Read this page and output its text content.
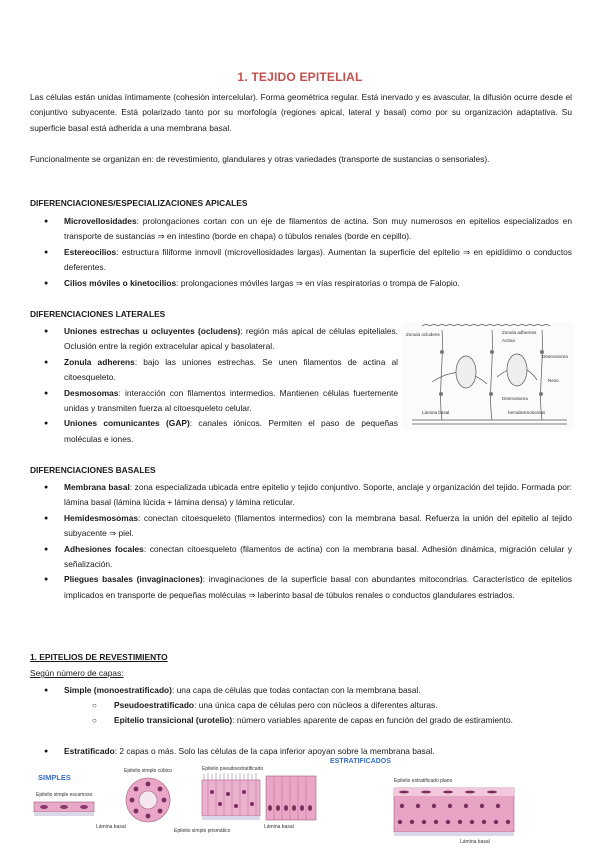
1. TEJIDO EPITELIAL
Las células están unidas íntimamente (cohesión intercelular). Forma geométrica regular. Está inervado y es avascular, la difusión ocurre desde el conjuntivo subyacente. Está polarizado tanto por su morfología (regiones apical, lateral y basal) como por su organización adaptativa. Su superficie basal está adherida a una membrana basal.
Funcionalmente se organizan en: de revestimiento, glandulares y otras variedades (transporte de sustancias o sensoriales).
DIFERENCIACIONES/ESPECIALIZACIONES APICALES
● Microvellosidades: prolongaciones cortan con un eje de filamentos de actina. Son muy numerosos en epitelios especializados en transporte de sustancias ⇒ en intestino (borde en chapa) o túbulos renales (borde en cepillo).
● Estereocilios: estructura filiforme inmovil (microvellosidades largas). Aumentan la superficie del epitelio ⇒ en epidídimo o conductos deferentes.
● Cilios móviles o kinetocilios: prolongaciones móviles largas ⇒ en vías respiratorias o trompa de Falopio.
DIFERENCIACIONES LATERALES
● Uniones estrechas u ocluyentes (ocludens): región más apical de células epiteliales. Oclusión entre la región extracelular apical y basolateral.
● Zonula adherens: bajo las uniones estrechas. Se unen filamentos de actina al citoesqueleto.
● Desmosomas: interacción con filamentos intermedios. Mantienen células fuertemente unidas y transmiten fuerza al citoesqueleto celular.
● Uniones comunicantes (GAP): canales iónicos. Permiten el paso de pequeñas moléculas e iones.
Zonula ocludens	Zonula adherens
Actina
Desmosoma
Nexo
Desmosoma
hemidesmosomas
Lámina basal
DIFERENCIACIONES BASALES
● Membrana basal: zona especializada ubicada entre epitelio y tejido conjuntivo. Soporte, anclaje y organización del tejido. Formada por: lámina basal (lámina lúcida + lámina densa) y lámina reticular.
● Hemidesmosomas: conectan citoesqueleto (filamentos intermedios) con la membrana basal. Refuerza la unión del epitelio al tejido subyacente ⇒ piel.
● Adhesiones focales: conectan citoesqueleto (filamentos de actina) con la membrana basal. Adhesión dinámica, migración celular y señalización.
● Pliegues basales (invaginaciones): invaginaciones de la superficie basal con abundantes mitocondrias. Característico de epitelios implicados en transporte de pequeñas moléculas ⇒ laberinto basal de túbulos renales o conductos glandulares estriados.
1. EPITELIOS DE REVESTIMIENTO
Según número de capas:
● Simple (monoestratificado): una capa de células que todas contactan con la membrana basal.
○ Pseudoestratificado: una única capa de células pero con núcleos a diferentes alturas.
○ Epitelio transicional (urotelio): número variables aparente de capas en función del grado de estiramiento.
● Estratificado: 2 capas o más. Solo las células de la capa inferior apoyan sobre la membrana basal.
SIMPLES
ESTRATIFICADOS
Epitelio simple cúbico	Epitelio pseudoestratificado
Epitelio simple escamoso
Lámina basal
Epitelio simple prismático
Lámina basal
Epitelio estratificado plano
Lámina basal
